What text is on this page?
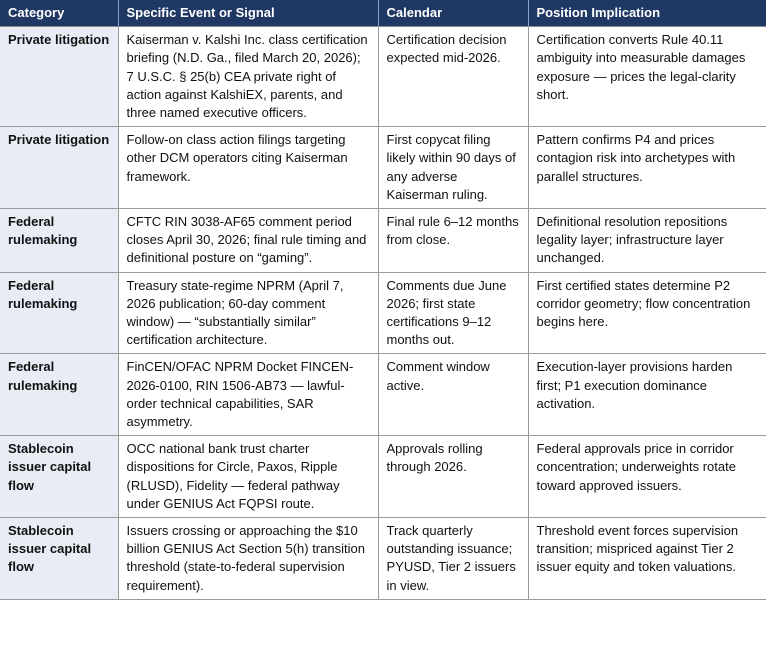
Category	Specific Event or Signal	Calendar	Position Implication
Private litigation	Kaiserman v. Kalshi Inc. class certification briefing (N.D. Ga., filed March 20, 2026); 7 U.S.C. § 25(b) CEA private right of action against KalshiEX, parents, and three named executive officers.	Certification decision expected mid-2026.	Certification converts Rule 40.11 ambiguity into measurable damages exposure — prices the legal-clarity short.
Private litigation	Follow-on class action filings targeting other DCM operators citing Kaiserman framework.	First copycat filing likely within 90 days of any adverse Kaiserman ruling.	Pattern confirms P4 and prices contagion risk into archetypes with parallel structures.
Federal rulemaking	CFTC RIN 3038-AF65 comment period closes April 30, 2026; final rule timing and definitional posture on “gaming”.	Final rule 6–12 months from close.	Definitional resolution repositions legality layer; infrastructure layer unchanged.
Federal rulemaking	Treasury state-regime NPRM (April 7, 2026 publication; 60-day comment window) — “substantially similar” certification architecture.	Comments due June 2026; first state certifications 9–12 months out.	First certified states determine P2 corridor geometry; flow concentration begins here.
Federal rulemaking	FinCEN/OFAC NPRM Docket FINCEN-2026-0100, RIN 1506-AB73 — lawful-order technical capabilities, SAR asymmetry.	Comment window active.	Execution-layer provisions harden first; P1 execution dominance activation.
Stablecoin issuer capital flow	OCC national bank trust charter dispositions for Circle, Paxos, Ripple (RLUSD), Fidelity — federal pathway under GENIUS Act FQPSI route.	Approvals rolling through 2026.	Federal approvals price in corridor concentration; underweights rotate toward approved issuers.
Stablecoin issuer capital flow	Issuers crossing or approaching the $10 billion GENIUS Act Section 5(h) transition threshold (state-to-federal supervision requirement).	Track quarterly outstanding issuance; PYUSD, Tier 2 issuers in view.	Threshold event forces supervision transition; mispriced against Tier 2 issuer equity and token valuations.
